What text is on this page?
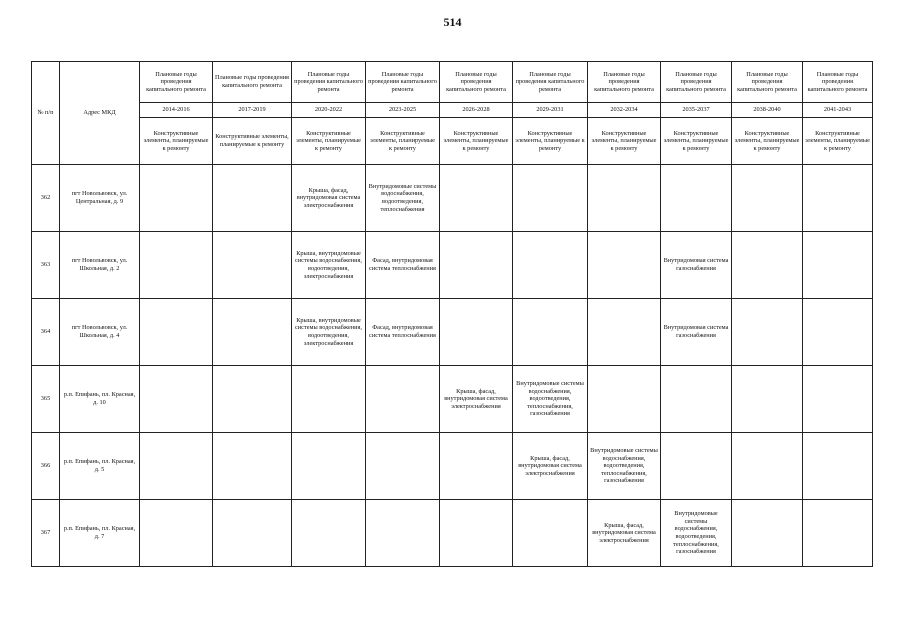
514
№ п/п	Адрес МКД	Плановые годы проведения капитального ремонта	Плановые годы проведения капитального ремонта	Плановые годы проведения капитального ремонта	Плановые годы проведения капитального ремонта	Плановые годы проведения капитального ремонта	Плановые годы проведения капитального ремонта	Плановые годы проведения капитального ремонта	Плановые годы проведения капитального ремонта	Плановые годы проведения капитального ремонта	Плановые годы проведения капитального ремонта
		2014-2016	2017-2019	2020-2022	2023-2025	2026-2028	2029-2031	2032-2034	2035-2037	2038-2040	2041-2043
		Конструктивные элементы, планируемые к ремонту	Конструктивные элементы, планируемые к ремонту	Конструктивные элементы, планируемые к ремонту	Конструктивные элементы, планируемые к ремонту	Конструктивные элементы, планируемые к ремонту	Конструктивные элементы, планируемые к ремонту	Конструктивные элементы, планируемые к ремонту	Конструктивные элементы, планируемые к ремонту	Конструктивные элементы, планируемые к ремонту	Конструктивные элементы, планируемые к ремонту
362	пгт Новольвовск, ул. Центральная, д. 9			Крыша, фасад, внутридомовая система электроснабжения	Внутридомовые системы водоснабжения, водоотведения, теплоснабжения						
363	пгт Новольвовск, ул. Школьная, д. 2			Крыша, внутридомовые системы водоснабжения, водоотведения, электроснабжения	Фасад, внутридомовая система теплоснабжения				Внутридомовая система газоснабжения		
364	пгт Новольвовск, ул. Школьная, д. 4			Крыша, внутридомовые системы водоснабжения, водоотведения, электроснабжения	Фасад, внутридомовая система теплоснабжения				Внутридомовая система газоснабжения		
365	р.п. Епифань, пл. Красная, д. 10					Крыша, фасад, внутридомовая система электроснабжения	Внутридомовые системы водоснабжения, водоотведения, теплоснабжения, газоснабжения				
366	р.п. Епифань, пл. Красная, д. 5						Крыша, фасад, внутридомовая система электроснабжения	Внутридомовые системы водоснабжения, водоотведения, теплоснабжения, газоснабжения			
367	р.п. Епифань, пл. Красная, д. 7							Крыша, фасад, внутридомовая система электроснабжения	Внутридомовые системы водоснабжения, водоотведения, теплоснабжения, газоснабжения		
